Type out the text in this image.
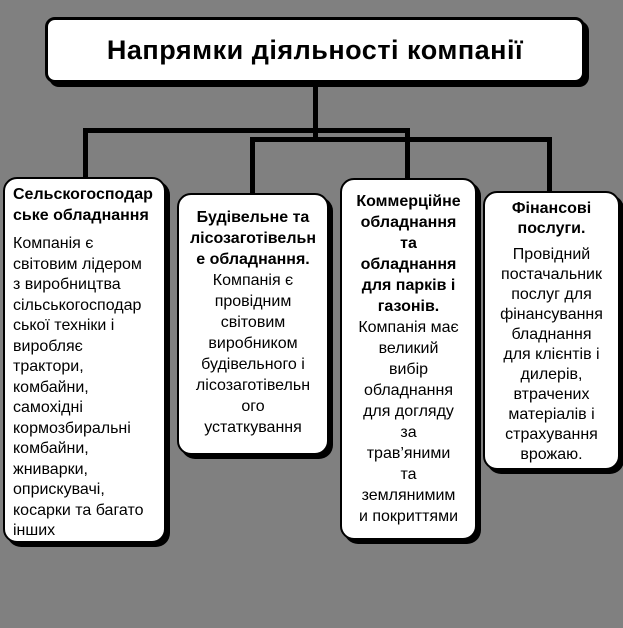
Напрямки діяльності компанії
Сельскогосподар
ське обладнання
Компанія є
світовим лідером
з виробництва
сільськогосподар
ської техніки і
виробляє
трактори,
комбайни,
самохідні
кормозбиральні
комбайни,
жниварки,
оприскувачі,
косарки та багато
інших
Будівельне та
лісозаготівельн
е обладнання.
Компанія є
провідним
світовим
виробником
будівельного і
лісозаготівельн
ого
устаткування
Коммерційне
обладнання
та
обладнання
для парків і
газонів.
Компанія має
великий
вибір
обладнання
для догляду
за
трав’яними
та
землянимим
и покриттями
Фінансові
послуги.
Провідний
постачальник
послуг для
фінансування
бладнання
для клієнтів і
дилерів,
втрачених
матеріалів і
страхування
врожаю.
